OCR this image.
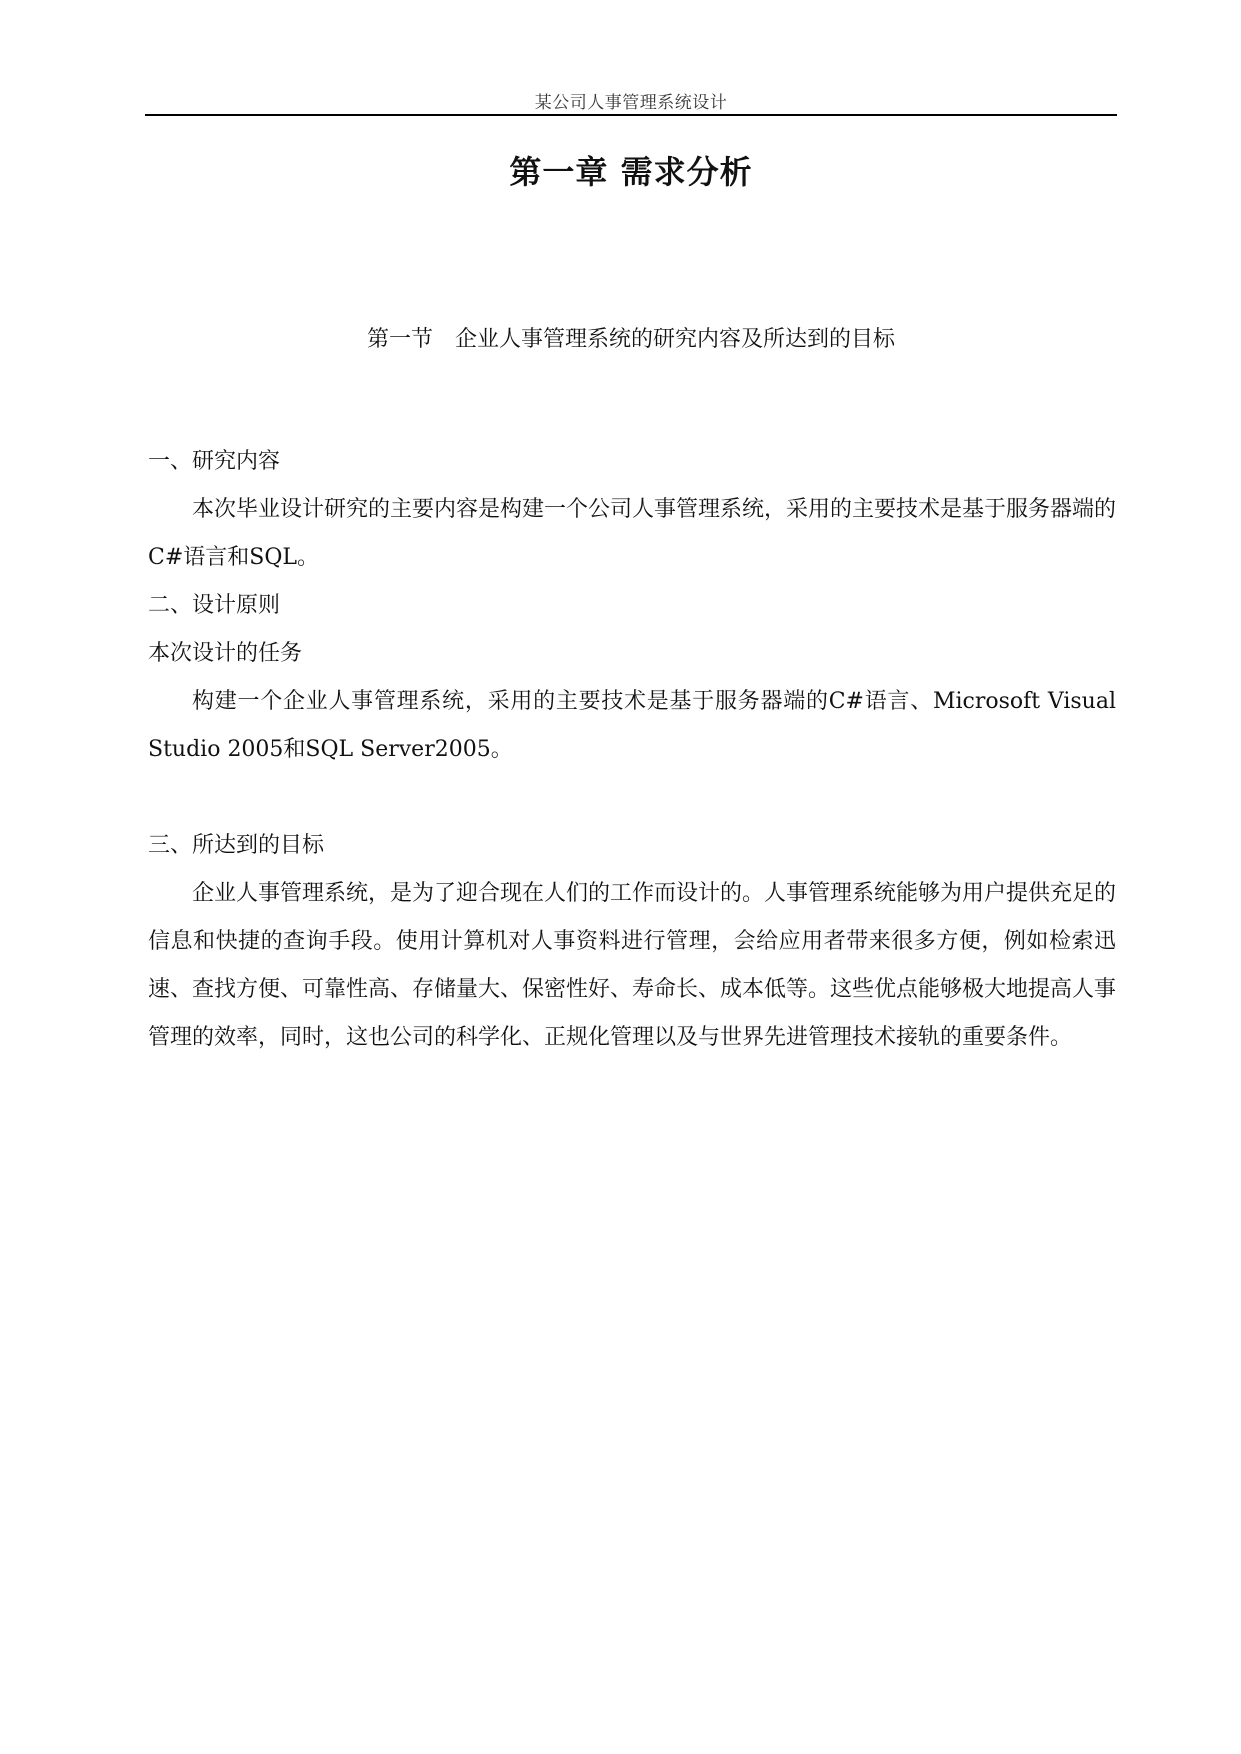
某公司人事管理系统设计
第一章 需求分析
第一节　企业人事管理系统的研究内容及所达到的目标

一、研究内容

本次毕业设计研究的主要内容是构建一个公司人事管理系统，采用的主要技术是基于服务器端的C#语言和SQL。

二、设计原则

本次设计的任务

构建一个企业人事管理系统，采用的主要技术是基于服务器端的C#语言、Microsoft Visual Studio 2005和SQL Server2005。

三、所达到的目标

企业人事管理系统，是为了迎合现在人们的工作而设计的。人事管理系统能够为用户提供充足的信息和快捷的查询手段。使用计算机对人事资料进行管理，会给应用者带来很多方便，例如检索迅速、查找方便、可靠性高、存储量大、保密性好、寿命长、成本低等。这些优点能够极大地提高人事管理的效率，同时，这也公司的科学化、正规化管理以及与世界先进管理技术接轨的重要条件。
